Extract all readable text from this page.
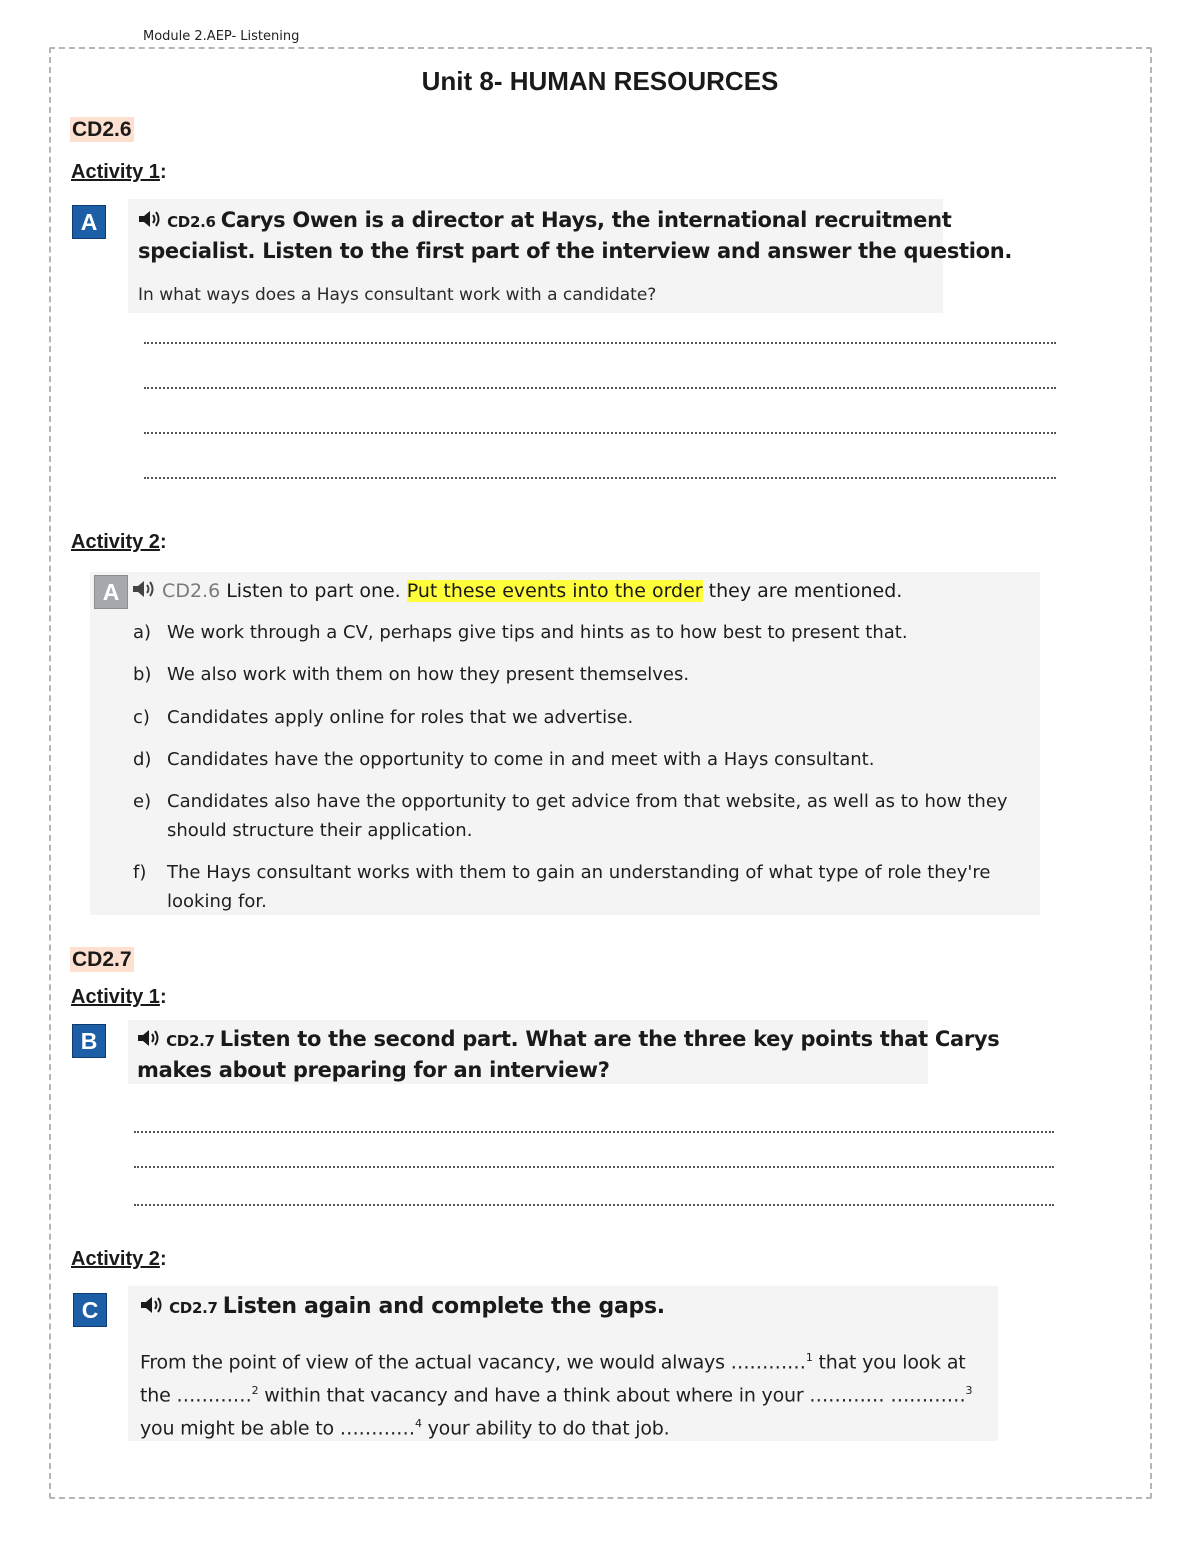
Module 2.AEP- Listening
Unit 8- HUMAN RESOURCES
CD2.6
Activity 1:
A	CD2.6 Carys Owen is a director at Hays, the international recruitment
specialist. Listen to the first part of the interview and answer the question.
In what ways does a Hays consultant work with a candidate?
Activity 2:
A	CD2.6 Listen to part one. Put these events into the order they are mentioned.
a) We work through a CV, perhaps give tips and hints as to how best to present that.
b) We also work with them on how they present themselves.
c) Candidates apply online for roles that we advertise.
d) Candidates have the opportunity to come in and meet with a Hays consultant.
e) Candidates also have the opportunity to get advice from that website, as well as to how they should structure their application.
f) The Hays consultant works with them to gain an understanding of what type of role they're looking for.
CD2.7
Activity 1:
B	CD2.7 Listen to the second part. What are the three key points that Carys
makes about preparing for an interview?
Activity 2:
C	CD2.7 Listen again and complete the gaps.
From the point of view of the actual vacancy, we would always …………$^1$ that you look at
the …………$^2$ within that vacancy and have a think about where in your ………… …………$^3$
you might be able to …………$^4$ your ability to do that job.
